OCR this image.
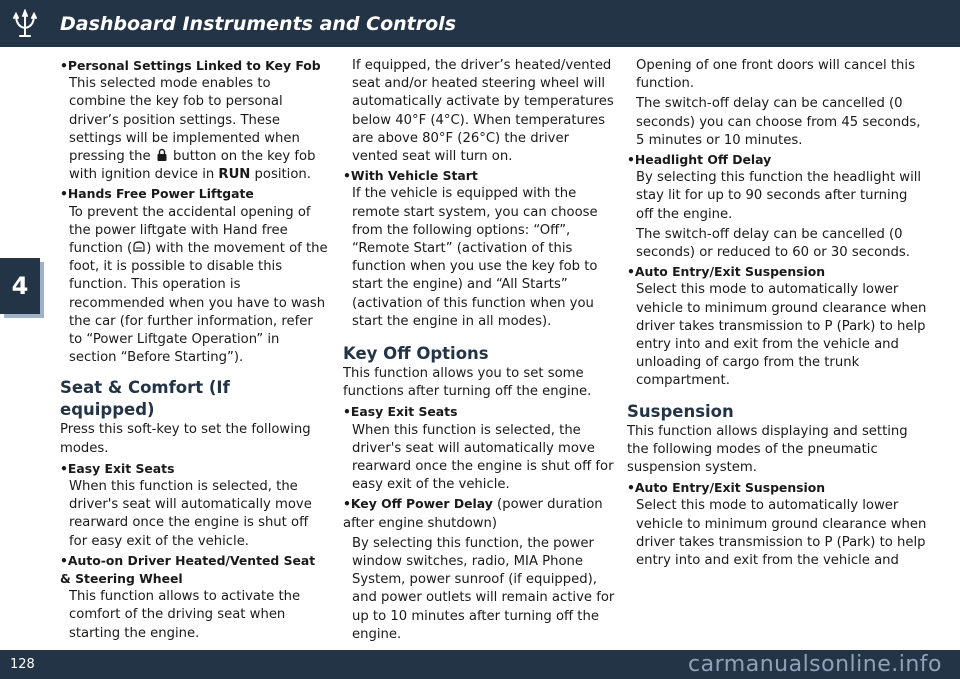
Dashboard Instruments and Controls
4

•Personal Settings Linked to Key Fob

This selected mode enables to combine the key fob to personal driver’s position settings. These settings will be implemented when pressing the button on the key fob with ignition device in RUN position.

•Hands Free Power Liftgate

To prevent the accidental opening of the power liftgate with Hand free function ( ) with the movement of the foot, it is possible to disable this function. This operation is recommended when you have to wash the car (for further information, refer to “Power Liftgate Operation” in section “Before Starting”).

Seat & Comfort (If equipped)

Press this soft-key to set the following modes.

•Easy Exit Seats

When this function is selected, the driver's seat will automatically move rearward once the engine is shut off for easy exit of the vehicle.

•Auto-on Driver Heated/Vented Seat & Steering Wheel

This function allows to activate the comfort of the driving seat when starting the engine.

If equipped, the driver’s heated/vented seat and/or heated steering wheel will automatically activate by temperatures below 40°F (4°C). When temperatures are above 80°F (26°C) the driver vented seat will turn on.

•With Vehicle Start

If the vehicle is equipped with the remote start system, you can choose from the following options: “Off”, “Remote Start” (activation of this function when you use the key fob to start the engine) and “All Starts” (activation of this function when you start the engine in all modes).

Key Off Options

This function allows you to set some functions after turning off the engine.

•Easy Exit Seats

When this function is selected, the driver's seat will automatically move rearward once the engine is shut off for easy exit of the vehicle.

•Key Off Power Delay (power duration after engine shutdown)

By selecting this function, the power window switches, radio, MIA Phone System, power sunroof (if equipped), and power outlets will remain active for up to 10 minutes after turning off the engine.

Opening of one front doors will cancel this function.

The switch-off delay can be cancelled (0 seconds) you can choose from 45 seconds, 5 minutes or 10 minutes.

•Headlight Off Delay

By selecting this function the headlight will stay lit for up to 90 seconds after turning off the engine.

The switch-off delay can be cancelled (0 seconds) or reduced to 60 or 30 seconds.

•Auto Entry/Exit Suspension

Select this mode to automatically lower vehicle to minimum ground clearance when driver takes transmission to P (Park) to help entry into and exit from the vehicle and unloading of cargo from the trunk compartment.

Suspension

This function allows displaying and setting the following modes of the pneumatic suspension system.

•Auto Entry/Exit Suspension

Select this mode to automatically lower vehicle to minimum ground clearance when driver takes transmission to P (Park) to help entry into and exit from the vehicle and

128	carmanualsonline.info
